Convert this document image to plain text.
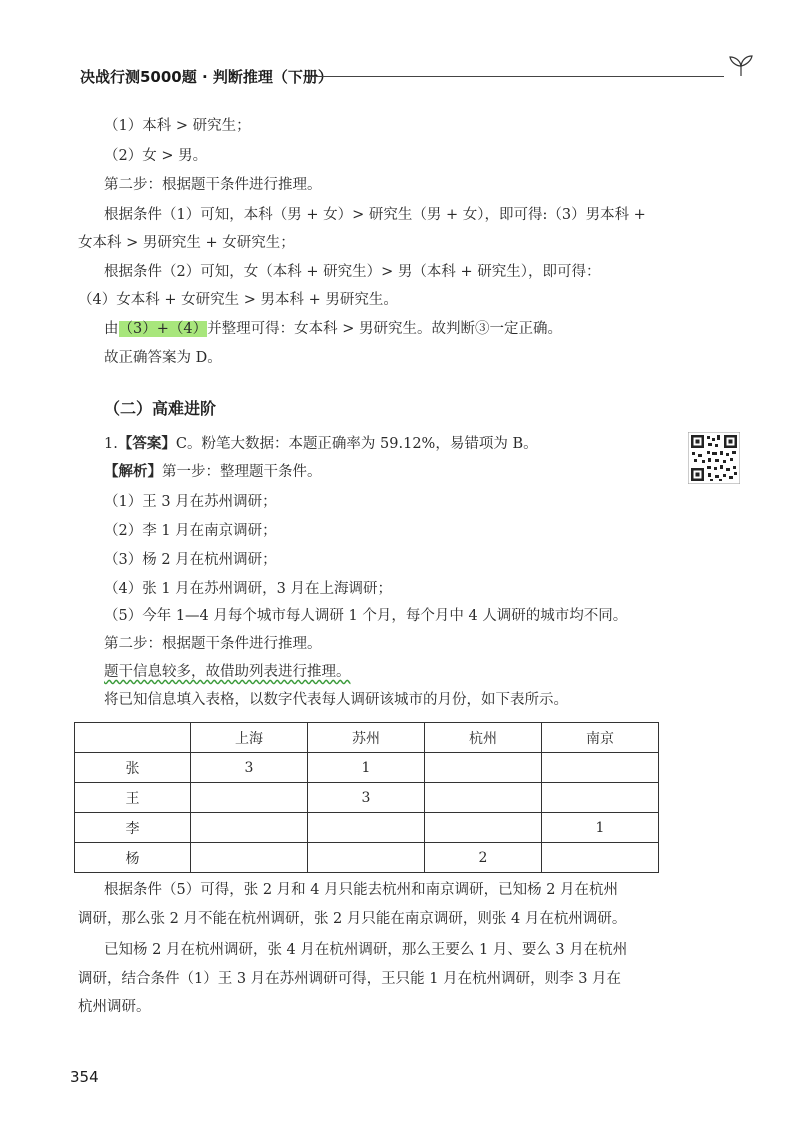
决战行测5000题 · 判断推理（下册）
（1）本科 > 研究生；
（2）女 > 男。
第二步：根据题干条件进行推理。
根据条件（1）可知，本科（男 + 女）> 研究生（男 + 女），即可得:（3）男本科 +
女本科 > 男研究生 + 女研究生；
根据条件（2）可知，女（本科 + 研究生）> 男（本科 + 研究生），即可得：
（4）女本科 + 女研究生 > 男本科 + 男研究生。
由（3）+（4）并整理可得：女本科 > 男研究生。故判断③一定正确。
故正确答案为 D。
（二）高难进阶
1.【答案】C。粉笔大数据：本题正确率为 59.12%，易错项为 B。
【解析】第一步：整理题干条件。
（1）王 3 月在苏州调研；
（2）李 1 月在南京调研；
（3）杨 2 月在杭州调研；
（4）张 1 月在苏州调研，3 月在上海调研；
（5）今年 1—4 月每个城市每人调研 1 个月，每个月中 4 人调研的城市均不同。
第二步：根据题干条件进行推理。
题干信息较多，故借助列表进行推理。
将已知信息填入表格，以数字代表每人调研该城市的月份，如下表所示。
	上海	苏州	杭州	南京
张	3	1		
王		3		
李				1
杨			2	
根据条件（5）可得，张 2 月和 4 月只能去杭州和南京调研，已知杨 2 月在杭州
调研，那么张 2 月不能在杭州调研，张 2 月只能在南京调研，则张 4 月在杭州调研。
已知杨 2 月在杭州调研，张 4 月在杭州调研，那么王要么 1 月、要么 3 月在杭州
调研，结合条件（1）王 3 月在苏州调研可得，王只能 1 月在杭州调研，则李 3 月在
杭州调研。
354
